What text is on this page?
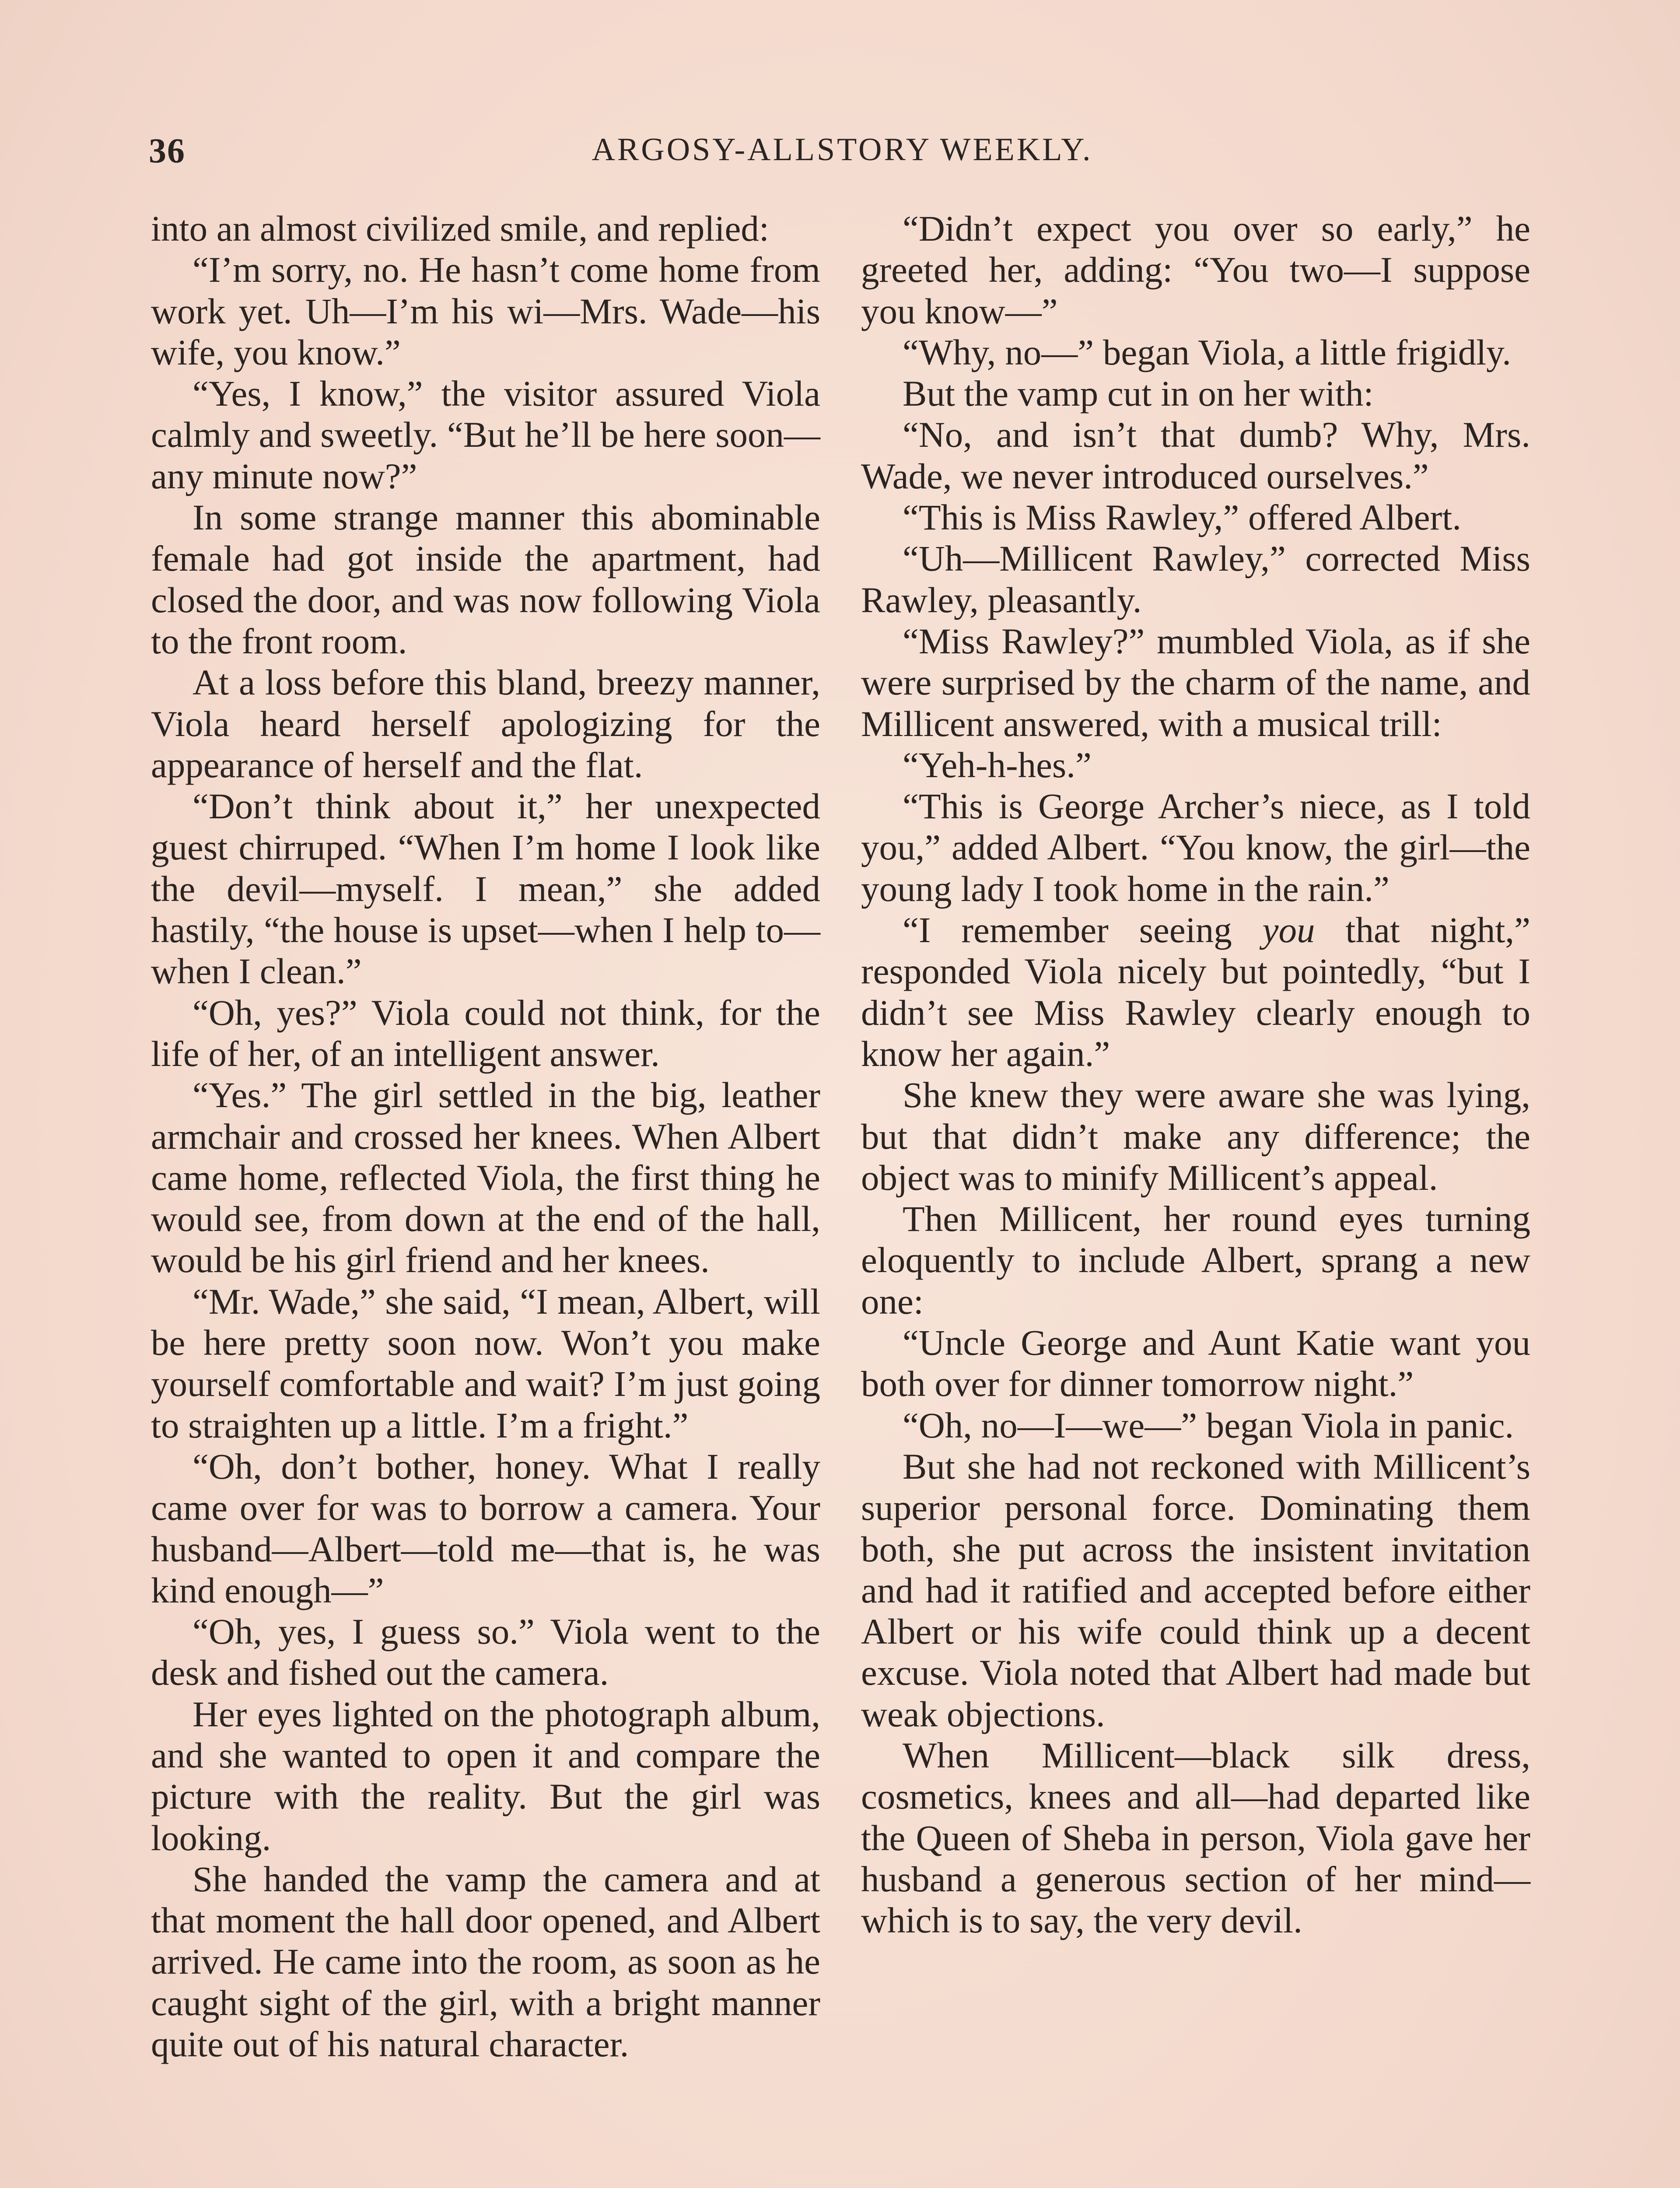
36	ARGOSY-ALLSTORY WEEKLY.

into an almost civilized smile, and replied:

“I’m sorry, no. He hasn’t come home from work yet. Uh—I’m his wi—Mrs. Wade—his wife, you know.”

“Yes, I know,” the visitor assured Viola calmly and sweetly. “But he’ll be here soon—any minute now?”

In some strange manner this abominable female had got inside the apartment, had closed the door, and was now following Viola to the front room.

At a loss before this bland, breezy manner, Viola heard herself apologizing for the appearance of herself and the flat.

“Don’t think about it,” her unexpected guest chirruped. “When I’m home I look like the devil—myself. I mean,” she added hastily, “the house is upset—when I help to—when I clean.”

“Oh, yes?” Viola could not think, for the life of her, of an intelligent answer.

“Yes.” The girl settled in the big, leather armchair and crossed her knees. When Albert came home, reflected Viola, the first thing he would see, from down at the end of the hall, would be his girl friend and her knees.

“Mr. Wade,” she said, “I mean, Albert, will be here pretty soon now. Won’t you make yourself comfortable and wait? I’m just going to straighten up a little. I’m a fright.”

“Oh, don’t bother, honey. What I really came over for was to borrow a camera. Your husband—Albert—told me—that is, he was kind enough—”

“Oh, yes, I guess so.” Viola went to the desk and fished out the camera.

Her eyes lighted on the photograph album, and she wanted to open it and compare the picture with the reality. But the girl was looking.

She handed the vamp the camera and at that moment the hall door opened, and Albert arrived. He came into the room, as soon as he caught sight of the girl, with a bright manner quite out of his natural character.

“Didn’t expect you over so early,” he greeted her, adding: “You two—I suppose you know—”

“Why, no—” began Viola, a little frigidly.

But the vamp cut in on her with:

“No, and isn’t that dumb? Why, Mrs. Wade, we never introduced ourselves.”

“This is Miss Rawley,” offered Albert.

“Uh—Millicent Rawley,” corrected Miss Rawley, pleasantly.

“Miss Rawley?” mumbled Viola, as if she were surprised by the charm of the name, and Millicent answered, with a musical trill:

“Yeh-h-hes.”

“This is George Archer’s niece, as I told you,” added Albert. “You know, the girl—the young lady I took home in the rain.”

“I remember seeing you that night,” responded Viola nicely but pointedly, “but I didn’t see Miss Rawley clearly enough to know her again.”

She knew they were aware she was lying, but that didn’t make any difference; the object was to minify Millicent’s appeal.

Then Millicent, her round eyes turning eloquently to include Albert, sprang a new one:

“Uncle George and Aunt Katie want you both over for dinner tomorrow night.”

“Oh, no—I—we—” began Viola in panic.

But she had not reckoned with Millicent’s superior personal force. Dominating them both, she put across the insistent invitation and had it ratified and accepted before either Albert or his wife could think up a decent excuse. Viola noted that Albert had made but weak objections.

When Millicent—black silk dress, cosmetics, knees and all—had departed like the Queen of Sheba in person, Viola gave her husband a generous section of her mind—which is to say, the very devil.
